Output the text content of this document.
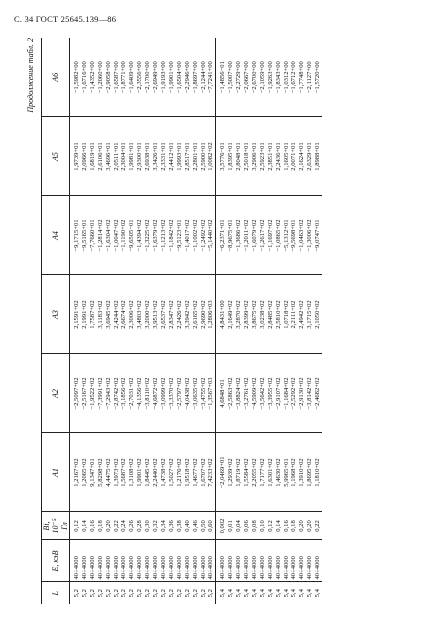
С. 34 ГОСТ 25645.139—86
Продолжение табл. 2
L	E, кэВ	Bi, 10⁻⁵ Гл	A1	A2	A3	A4	A5	A6
5,2	40÷4000	0,12	1,2167+02	−2,5097+02	2,1591+02	−9,1715+01	1,9739+01	−1,5982+00
5,2	40÷4000	0,14	1,2065+02	−2,5167+02	2,1991+02	−9,5165+01	2,0966+01	−1,6716+00
5,2	40÷4000	0,16	9,1347+01	−1,9522+02	1,7587+02	−7,7660+01	1,6819+01	−1,4352+00
5,2	40÷4000	0,18	5,8298+02	−7,3991+02	3,1183+02	−1,2814+02	2,6106+01	−1,2060+00
5,2	40÷4000	0,20	4,4475+02	−7,2943+02	3,6945+02	−1,6304+02	3,4696+01	−2,9058+00
5,2	40÷4000	0,22	1,3973+02	−2,8742+02	2,4244+02	−1,0047+02	2,0511+01	−1,6587+00
5,2	40÷4000	0,24	1,5687+02	−3,1856+02	2,6674+02	−1,1190+02	2,3004+01	−1,8771+00
5,2	40÷4000	0,26	1,3108+02	−2,7031+02	2,3006+02	−9,6505−01	1,9981+01	−1,6409+00
5,2	40÷4000	0,28	1,9901+02	−4,1356+02	3,4803+02	−1,4394+02	2,9300+01	−2,3556+00
5,2	40÷4000	0,30	1,8445+02	−3,8110+02	3,2000+02	−1,3225+02	2,6938+01	−2,1700+00
5,2	40÷4000	0,32	2,2440+02	−4,6872+02	3,9513+02	−1,6379+02	3,3426+01	−2,6949+00
5,2	40÷4000	0,34	1,4738+02	−3,0999+02	2,6537+02	−1,1213+02	2,3331+01	−1,9193+00
5,2	40÷4000	0,36	1,5027+02	−3,3370+02	2,8347+02	−1,1842+02	2,4412+01	−1,9901+00
5,2	40÷4000	0,38	1,2176+02	−2,5797+02	2,2426+02	−9,5123+01	1,9993+01	−1,6504+00
5,2	40÷4000	0,40	1,9518+02	−4,0438+02	3,3942+02	−1,4017+02	2,8517+01	−2,2946+00
5,2	40÷4000	0,46	1,4677+02	−3,0635+02	2,6165+02	−1,1002+02	2,2801+01	−1,8697+00
5,2	40÷4000	0,50	1,6707+02	−3,4755+02	2,9690+02	−1,2492+02	2,5900+01	−2,1244+00
5,2	40÷4000	0,60	7,4233+02	−1,3567+03	1,2806+03	−5,1440+02	1,0082+02	−7,7241+00
5,4	40÷4000	0,002	−2,0469+01	4,6848+01	4,8431+00	−6,2371+01	3,5776−01	−1,4856−01
5,4	40÷4000	0,01	1,2939+02	−2,5863+02	2,1649+02	−8,9675+01	1,8395+01	−1,5007+00
5,4	40÷4000	0,04	1,8719+02	−3,8824+02	3,2870+02	−1,3686+02	2,8048+01	−2,2729+00
5,4	40÷4000	0,06	1,5584+02	−3,2761+02	2,8399+02	−1,2011+02	2,5018+01	−2,0667+00
5,4	40÷4000	0,08	2,2055+02	−4,5909+02	3,8675+02	−1,6079+02	3,2906+01	−2,6700+00
5,4	40÷4000	0,10	1,7177+02	−3,5642+02	3,0238+02	−1,2617+02	2,5923+01	−2,1059+00
5,4	40÷4000	0,12	1,6301+02	−3,3955+02	2,8485+02	−1,1697+02	2,3851+01	−1,9263+00
5,4	40÷4000	0,14	1,4630+02	−2,9107+02	2,5810+02	−1,0865+02	2,2436+01	−1,8343+00
5,4	40÷4000	0,16	5,9965+01	−1,1684+02	1,0718+02	−5,1312+01	1,1605+01	−1,0312+00
5,4	40÷4000	0,18	1,1968+02	−2,5292+02	2,2111+02	−9,5698+01	2,0071+01	−1,6712+00
5,4	40÷4000	0,20	1,3910+02	−2,9130+02	2,4942+02	−1,0463+02	2,1624+01	−1,7748+00
5,4	40÷4000	0,20	1,8695+02	−3,8142+02	3,1715+02	−1,3006+02	2,6329+01	−2,1127+00
5,4	40÷4000	0,22	1,1810+02	−2,4682+02	2,1050+02	−9,0747+01	1,8988+01	−1,5720+00
